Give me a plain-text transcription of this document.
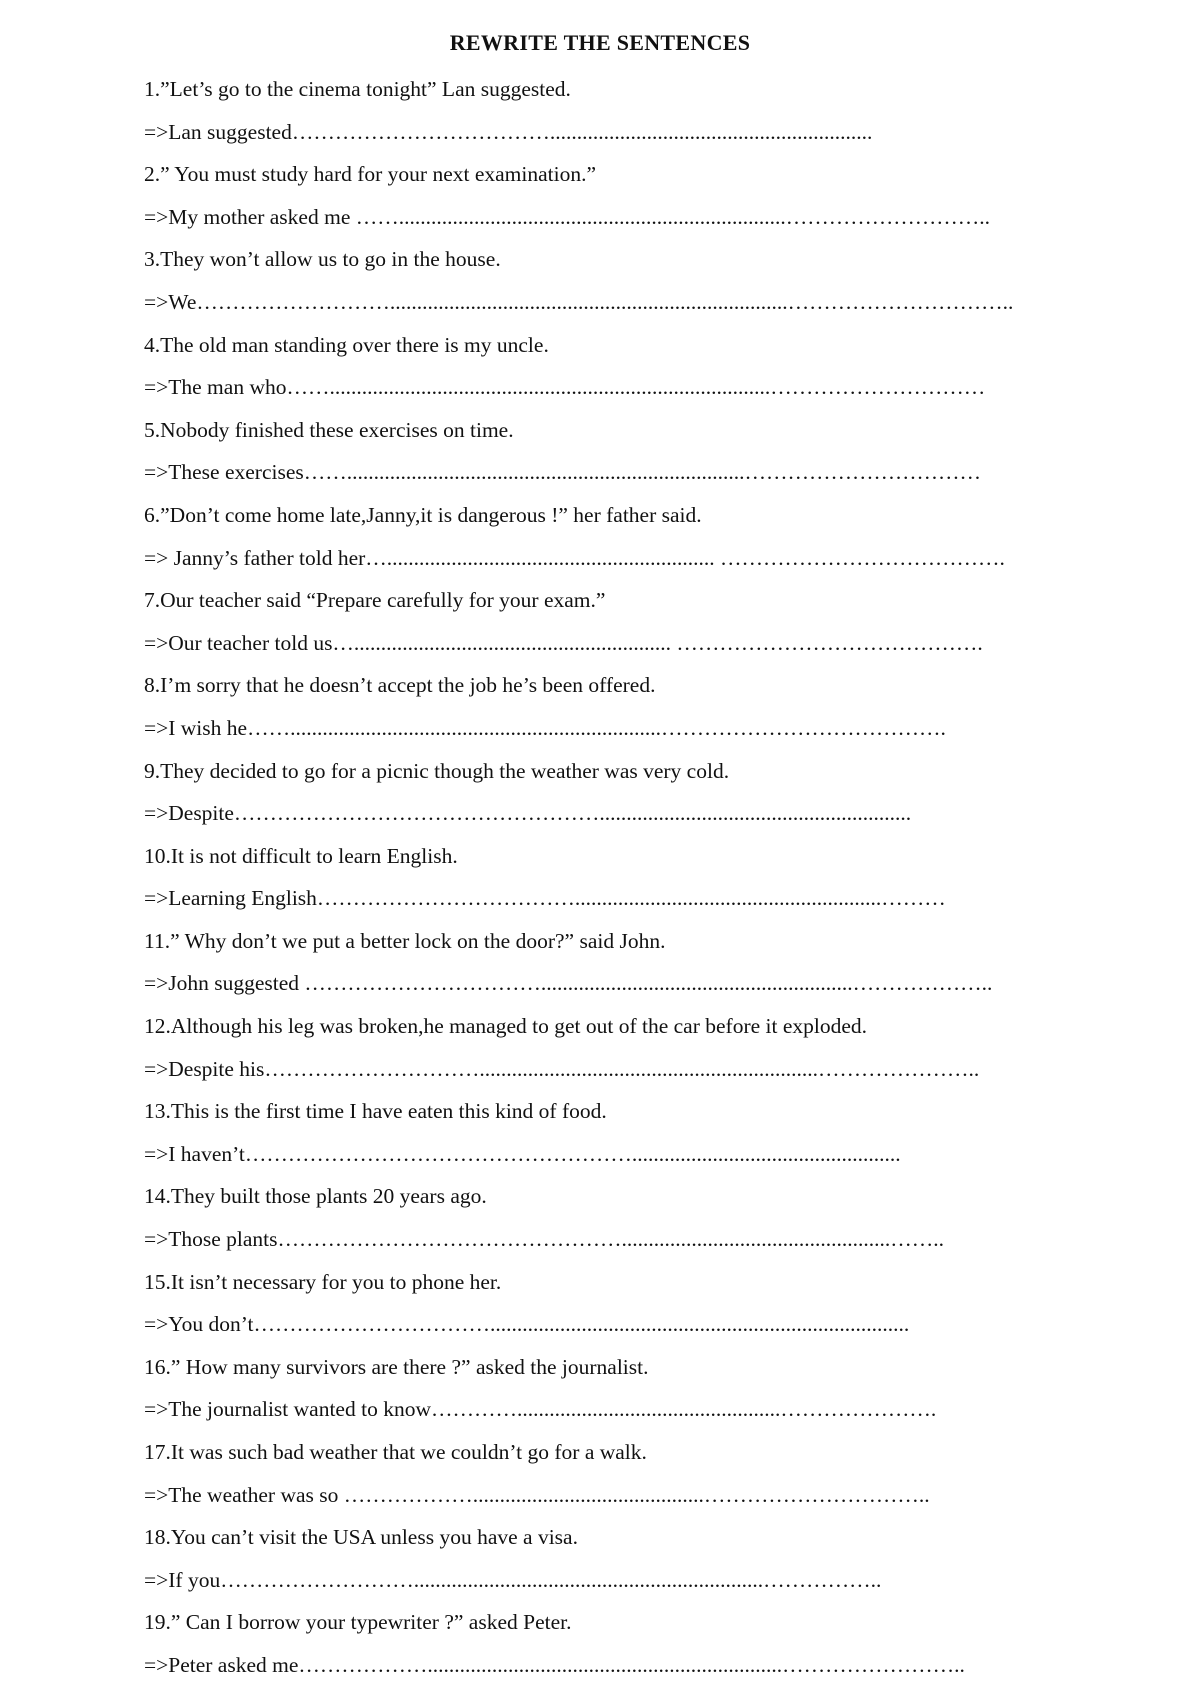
REWRITE THE SENTENCES
1.”Let’s go to the cinema tonight” Lan suggested.
=>Lan suggested………………………………............................................................
2.” You must study hard for your next examination.”
=>My mother asked me ……........................................................................………………………..
3.They won’t allow us to go in the house.
=>We………………………..........................................................................…………………………..
4.The old man standing over there is my uncle.
=>The man who……..................................................................................…………………………
5.Nobody finished these exercises on time.
=>These exercises……..........................................................................……………………………
6.”Don’t come home late,Janny,it is dangerous !” her father said.
=> Janny’s father told her…............................................................. ………………………………….
7.Our teacher said “Prepare carefully for your exam.”
=>Our teacher told us…........................................................... …………………………………….
8.I’m sorry that he doesn’t accept the job he’s been offered.
=>I wish he…….....................................................................………………………………….
9.They decided to go for a picnic though the weather was very cold.
=>Despite……………………………………………..........................................................
10.It is not difficult to learn English.
=>Learning English……………………………….........................................................………
11.” Why don’t we put a better lock on the door?” said John.
=>John suggested ……………………………..........................................................………………..
12.Although his leg was broken,he managed to get out of the car before it exploded.
=>Despite his…………………………...............................................................…………………..
13.This is the first time I have eaten this kind of food.
=>I haven’t………………………………………………..................................................
14.They built those plants 20 years ago.
=>Those plants…………………………………………..................................................……..
15.It isn’t necessary for you to phone her.
=>You don’t……………………………..............................................................................
16.” How many survivors are there ?” asked the journalist.
=>The journalist wanted to know………….................................................………………….
17.It was such bad weather that we couldn’t go for a walk.
=>The weather was so ………………...........................................…………………………..
18.You can’t visit the USA unless you have a visa.
=>If you……………………….................................................................……………..
19.” Can I borrow your typewriter ?” asked Peter.
=>Peter asked me………………..................................................................……………………..
